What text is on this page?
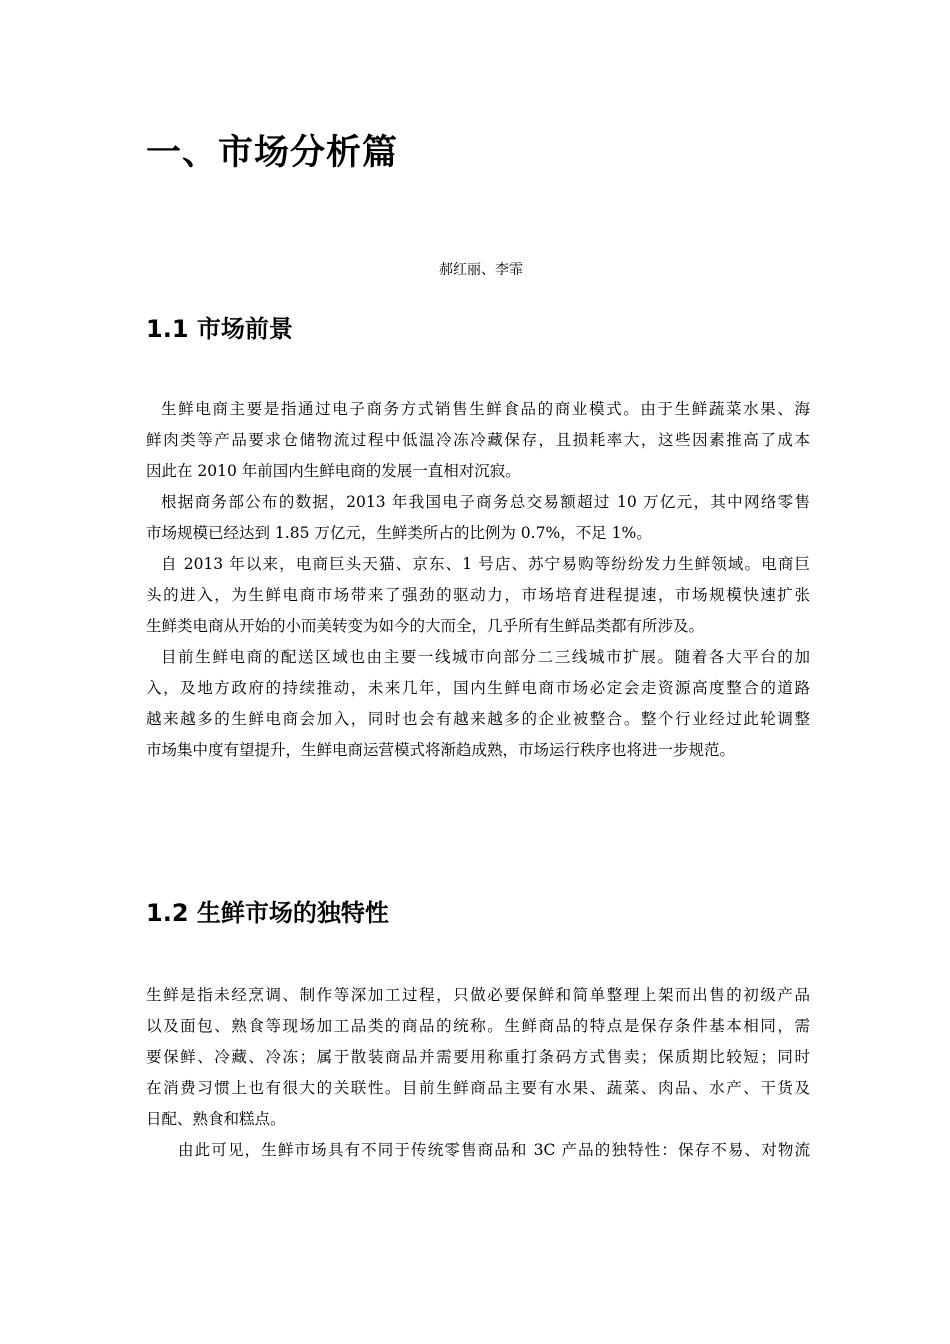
一、市场分析篇

郝红丽、李霏

1.1 市场前景
生鲜电商主要是指通过电子商务方式销售生鲜食品的商业模式。由于生鲜蔬菜水果、海
鲜肉类等产品要求仓储物流过程中低温冷冻冷藏保存，且损耗率大，这些因素推高了成本
因此在 2010 年前国内生鲜电商的发展一直相对沉寂。
根据商务部公布的数据，2013 年我国电子商务总交易额超过 10 万亿元，其中网络零售
市场规模已经达到 1.85 万亿元，生鲜类所占的比例为 0.7%，不足 1%。
自 2013 年以来，电商巨头天猫、京东、1 号店、苏宁易购等纷纷发力生鲜领域。电商巨
头的进入，为生鲜电商市场带来了强劲的驱动力，市场培育进程提速，市场规模快速扩张
生鲜类电商从开始的小而美转变为如今的大而全，几乎所有生鲜品类都有所涉及。
目前生鲜电商的配送区域也由主要一线城市向部分二三线城市扩展。随着各大平台的加
入，及地方政府的持续推动，未来几年，国内生鲜电商市场必定会走资源高度整合的道路
越来越多的生鲜电商会加入，同时也会有越来越多的企业被整合。整个行业经过此轮调整
市场集中度有望提升，生鲜电商运营模式将渐趋成熟，市场运行秩序也将进一步规范。
1.2 生鲜市场的独特性
生鲜是指未经烹调、制作等深加工过程，只做必要保鲜和简单整理上架而出售的初级产品
以及面包、熟食等现场加工品类的商品的统称。生鲜商品的特点是保存条件基本相同，需
要保鲜、冷藏、冷冻；属于散装商品并需要用称重打条码方式售卖；保质期比较短；同时
在消费习惯上也有很大的关联性。目前生鲜商品主要有水果、蔬菜、肉品、水产、干货及
日配、熟食和糕点。
由此可见，生鲜市场具有不同于传统零售商品和 3C 产品的独特性：保存不易、对物流
